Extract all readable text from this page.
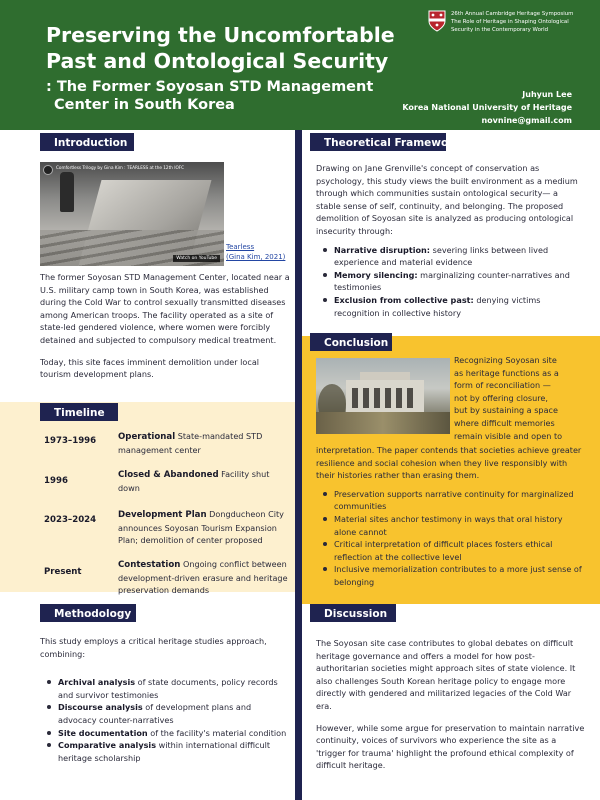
Preserving the Uncomfortable
Past and Ontological Security
: The Former Soyosan STD Management
Center in South Korea
26th Annual Cambridge Heritage Symposium
The Role of Heritage in Shaping Ontological
Security in the Contemporary World
Juhyun Lee
Korea National University of Heritage
novnine@gmail.com
Introduction
Comfortless Trilogy by Gina Kim : TEARLESS at the 12th IOFC
Watch on YouTube
Tearless
(Gina Kim, 2021)

The former Soyosan STD Management Center, located near a U.S. military camp town in South Korea, was established during the Cold War to control sexually transmitted diseases among American troops. The facility operated as a site of state-led gendered violence, where women were forcibly detained and subjected to compulsory medical treatment.

Today, this site faces imminent demolition under local tourism development plans.

Timeline
1973–1996	Operational State-mandated STD management center
1996
Closed & Abandoned Facility shut down
2023–2024	Development Plan Dongducheon City announces Soyosan Tourism Expansion Plan; demolition of center proposed
Present
Contestation Ongoing conflict between development-driven erasure and heritage preservation demands
Methodology

This study employs a critical heritage studies approach, combining:

Archival analysis of state documents, policy records and survivor testimonies
Discourse analysis of development plans and advocacy counter-narratives
Site documentation of the facility's material condition
Comparative analysis within international difficult heritage scholarship
Theoretical Framework

Drawing on Jane Grenville's concept of conservation as psychology, this study views the built environment as a medium through which communities sustain ontological security— a stable sense of self, continuity, and belonging. The proposed demolition of Soyosan site is analyzed as producing ontological insecurity through:

Narrative disruption: severing links between lived experience and material evidence
Memory silencing: marginalizing counter-narratives and testimonies
Exclusion from collective past: denying victims recognition in collective history
Conclusion
Recognizing Soyosan site
as heritage functions as a
form of reconciliation —
not by offering closure,
but by sustaining a space
where difficult memories
remain visible and open to

interpretation. The paper contends that societies achieve greater resilience and social cohesion when they live responsibly with their histories rather than erasing them.

Preservation supports narrative continuity for marginalized communities
Material sites anchor testimony in ways that oral history alone cannot
Critical interpretation of difficult places fosters ethical reflection at the collective level
Inclusive memorialization contributes to a more just sense of belonging
Discussion

The Soyosan site case contributes to global debates on difficult heritage governance and offers a model for how post-authoritarian societies might approach sites of state violence. It also challenges South Korean heritage policy to engage more directly with gendered and militarized legacies of the Cold War era.

However, while some argue for preservation to maintain narrative continuity, voices of survivors who experience the site as a 'trigger for trauma' highlight the profound ethical complexity of difficult heritage.
